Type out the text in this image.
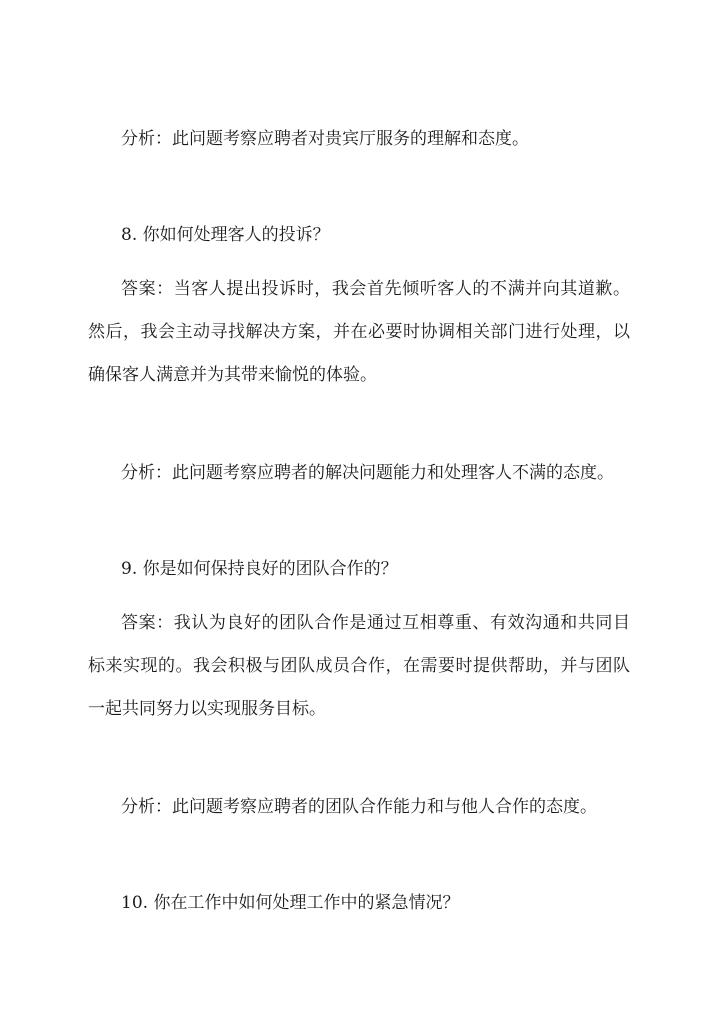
分析：此问题考察应聘者对贵宾厅服务的理解和态度。
8. 你如何处理客人的投诉？
答案：当客人提出投诉时，我会首先倾听客人的不满并向其道歉。然后，我会主动寻找解决方案，并在必要时协调相关部门进行处理，以确保客人满意并为其带来愉悦的体验。
分析：此问题考察应聘者的解决问题能力和处理客人不满的态度。
9. 你是如何保持良好的团队合作的？
答案：我认为良好的团队合作是通过互相尊重、有效沟通和共同目标来实现的。我会积极与团队成员合作，在需要时提供帮助，并与团队一起共同努力以实现服务目标。
分析：此问题考察应聘者的团队合作能力和与他人合作的态度。
10. 你在工作中如何处理工作中的紧急情况？
